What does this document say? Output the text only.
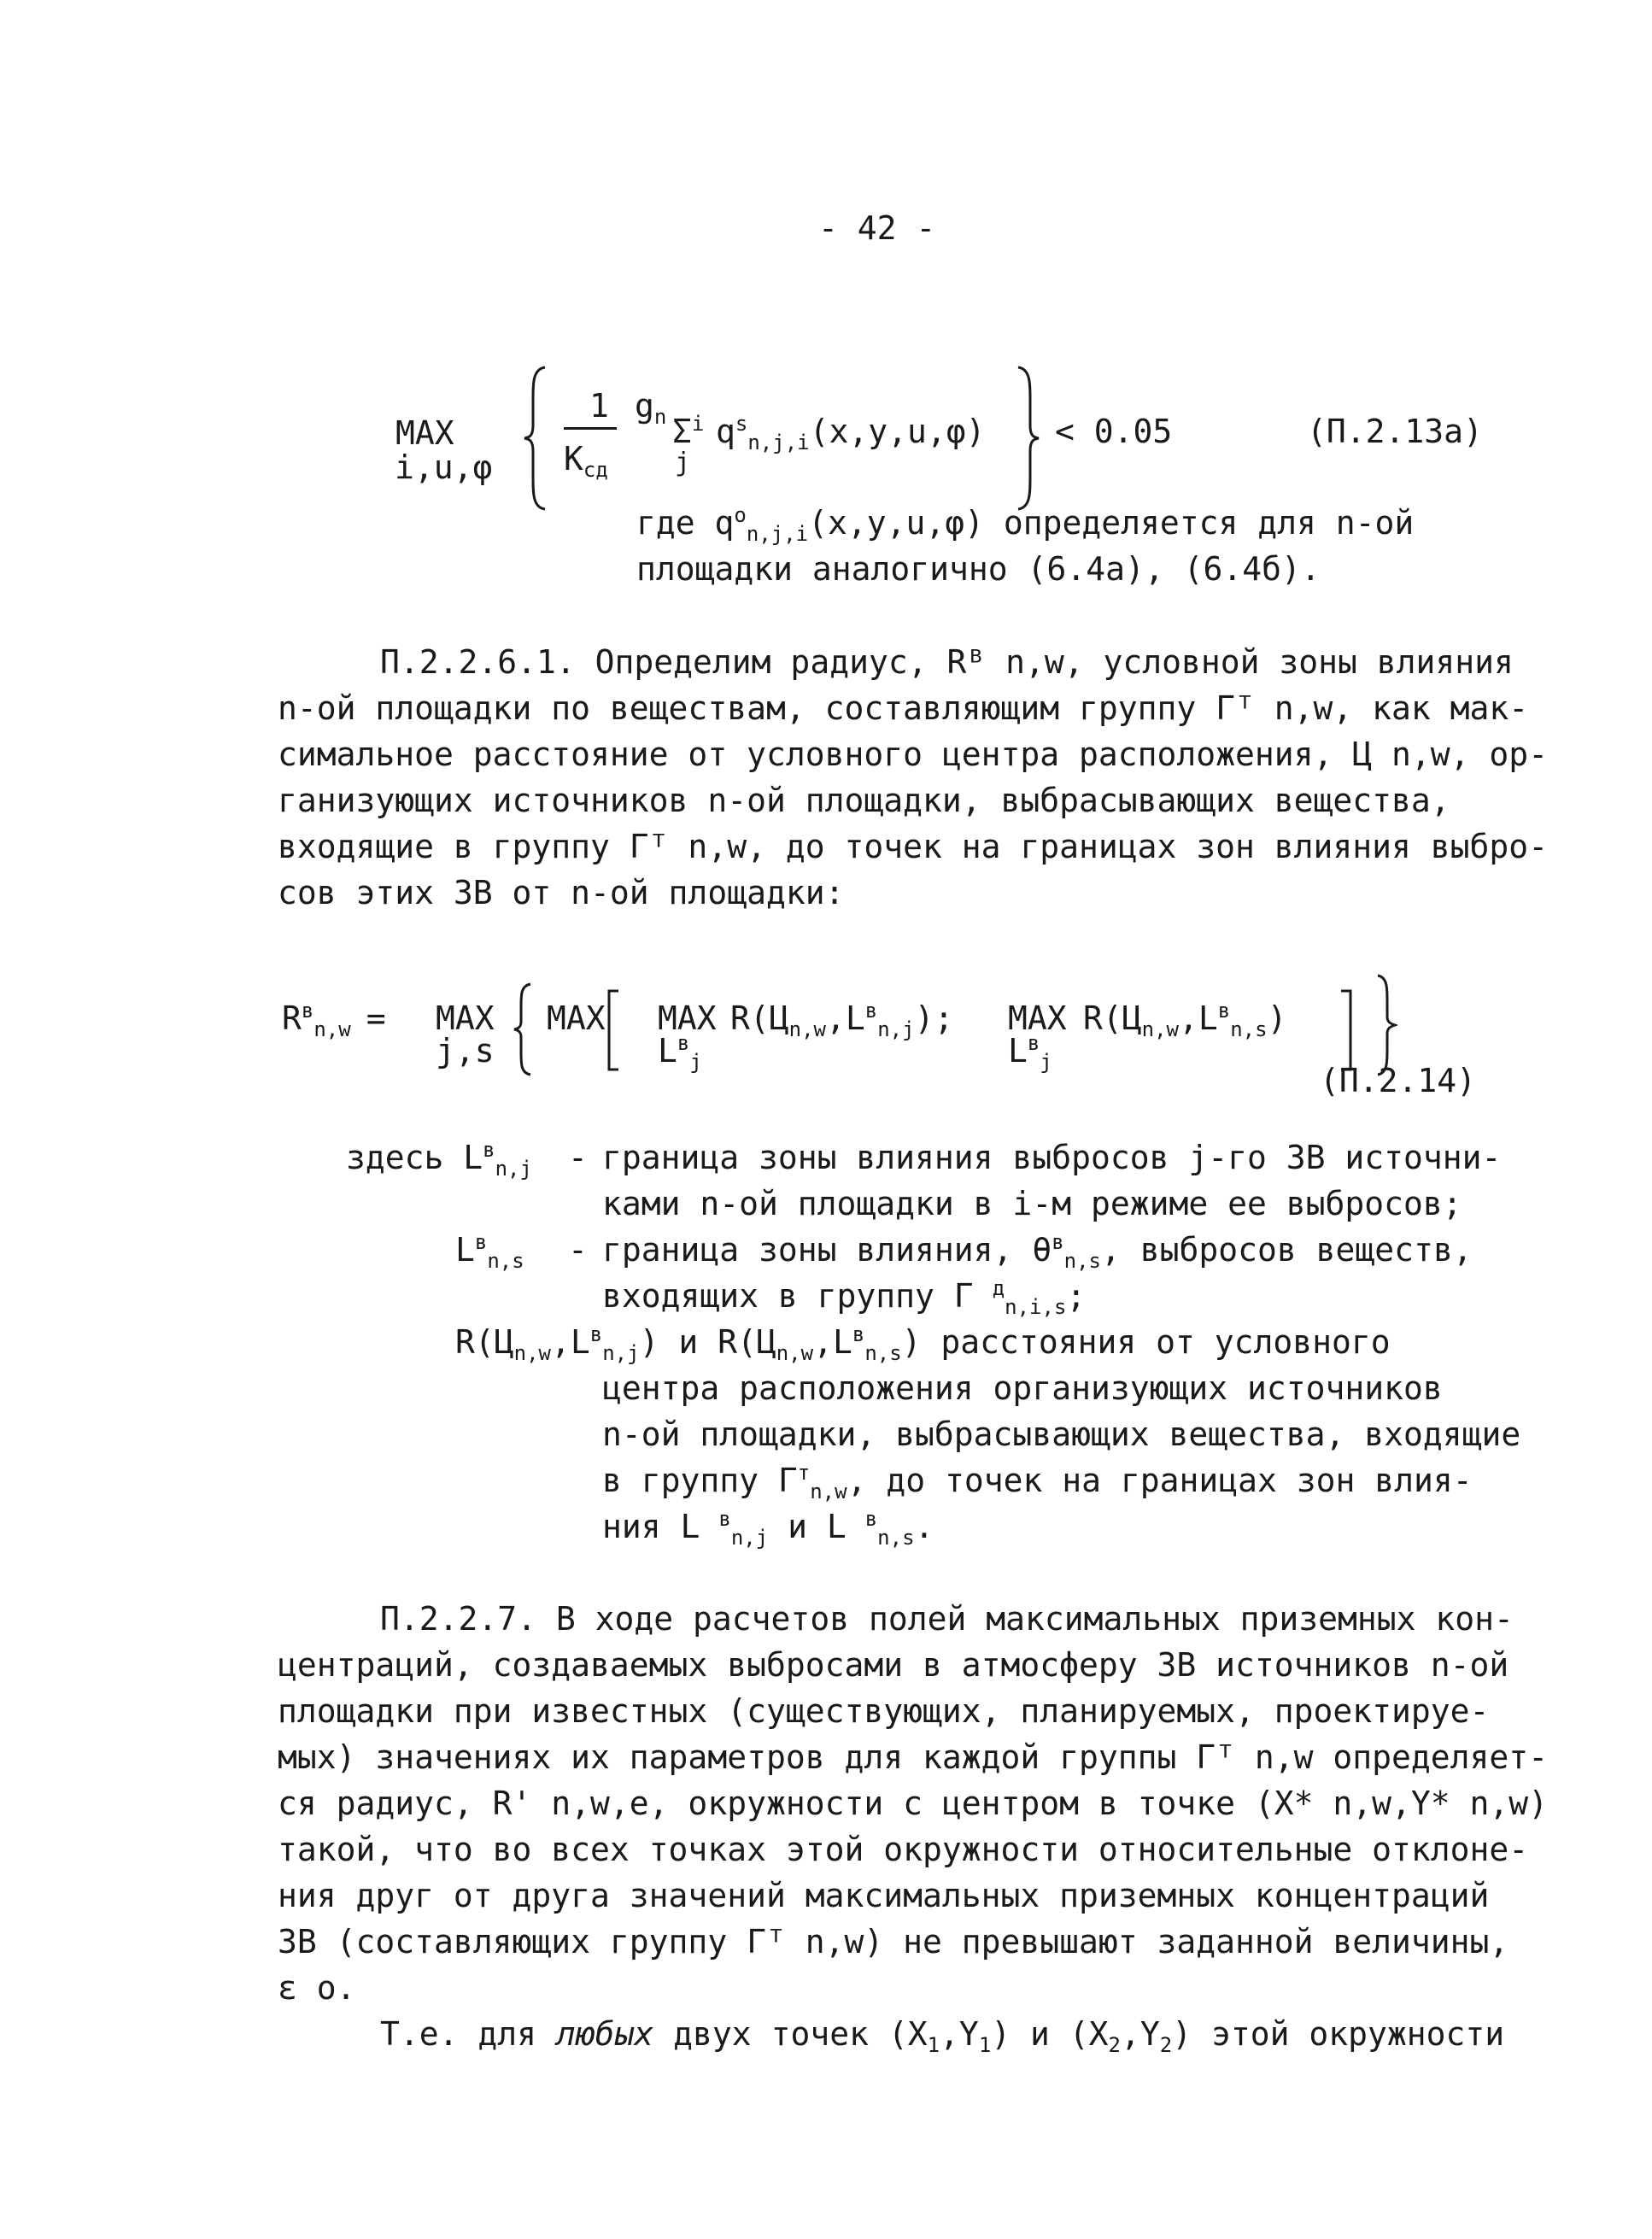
- 42 -
MAX
i,u,φ
1
$K_{сд}$
$g_n$ $\Sigma^i$
j
$q^s_{n,j,i}(x,y,u,\varphi) < 0.05$	(П.2.13а)
где $q^o_{n,j,i}(x,y,u,\varphi)$ определяется для n-ой
площадки аналогично (6.4а), (6.4б).
П.2.2.6.1. Определим радиус, Rᴮ n,w, условной зоны влияния
n-ой площадки по веществам, составляющим группу Гᵀ n,w, как мак-
симальное расстояние от условного центра расположения, Ц n,w, ор-
ганизующих источников n-ой площадки, выбрасывающих вещества,
входящие в группу Гᵀ n,w, до точек на границах зон влияния выбро-
сов этих ЗВ от n-ой площадки:
$R^в_{n,w}$ = MAX
j,s
MAX MAX
$L^в_j$
$R(Ц_{n,w},L^в_{n,j})$; MAX
$L^в_j$
$R(Ц_{n,w},L^в_{n,s})$
(П.2.14)
здесь $L^в_{n,j}$ - граница зоны влияния выбросов j-го ЗВ источни-
ками n-ой площадки в i-м режиме ее выбросов;
$L^в_{n,s}$ - граница зоны влияния, $\theta^в_{n,s}$, выбросов веществ,
входящих в группу Г $^д_{n,i,s}$;
$R(Ц_{n,w},L^в_{n,j})$ и $R(Ц_{n,w},L^в_{n,s})$ расстояния от условного
центра расположения организующих источников
n-ой площадки, выбрасывающих вещества, входящие
в группу $Г^т_{n,w}$, до точек на границах зон влия-
ния L $^в_{n,j}$ и L $^в_{n,s}$.
П.2.2.7. В ходе расчетов полей максимальных приземных кон-
центраций, создаваемых выбросами в атмосферу ЗВ источников n-ой
площадки при известных (существующих, планируемых, проектируе-
мых) значениях их параметров для каждой группы Гᵀ n,w определяет-
ся радиус, R' n,w,e, окружности с центром в точке (X* n,w,Y* n,w)
такой, что во всех точках этой окружности относительные отклоне-
ния друг от друга значений максимальных приземных концентраций
ЗВ (составляющих группу Гᵀ n,w) не превышают заданной величины,
ε o.
Т.е. для любых двух точек $(X_1,Y_1)$ и $(X_2,Y_2)$ этой окружности
